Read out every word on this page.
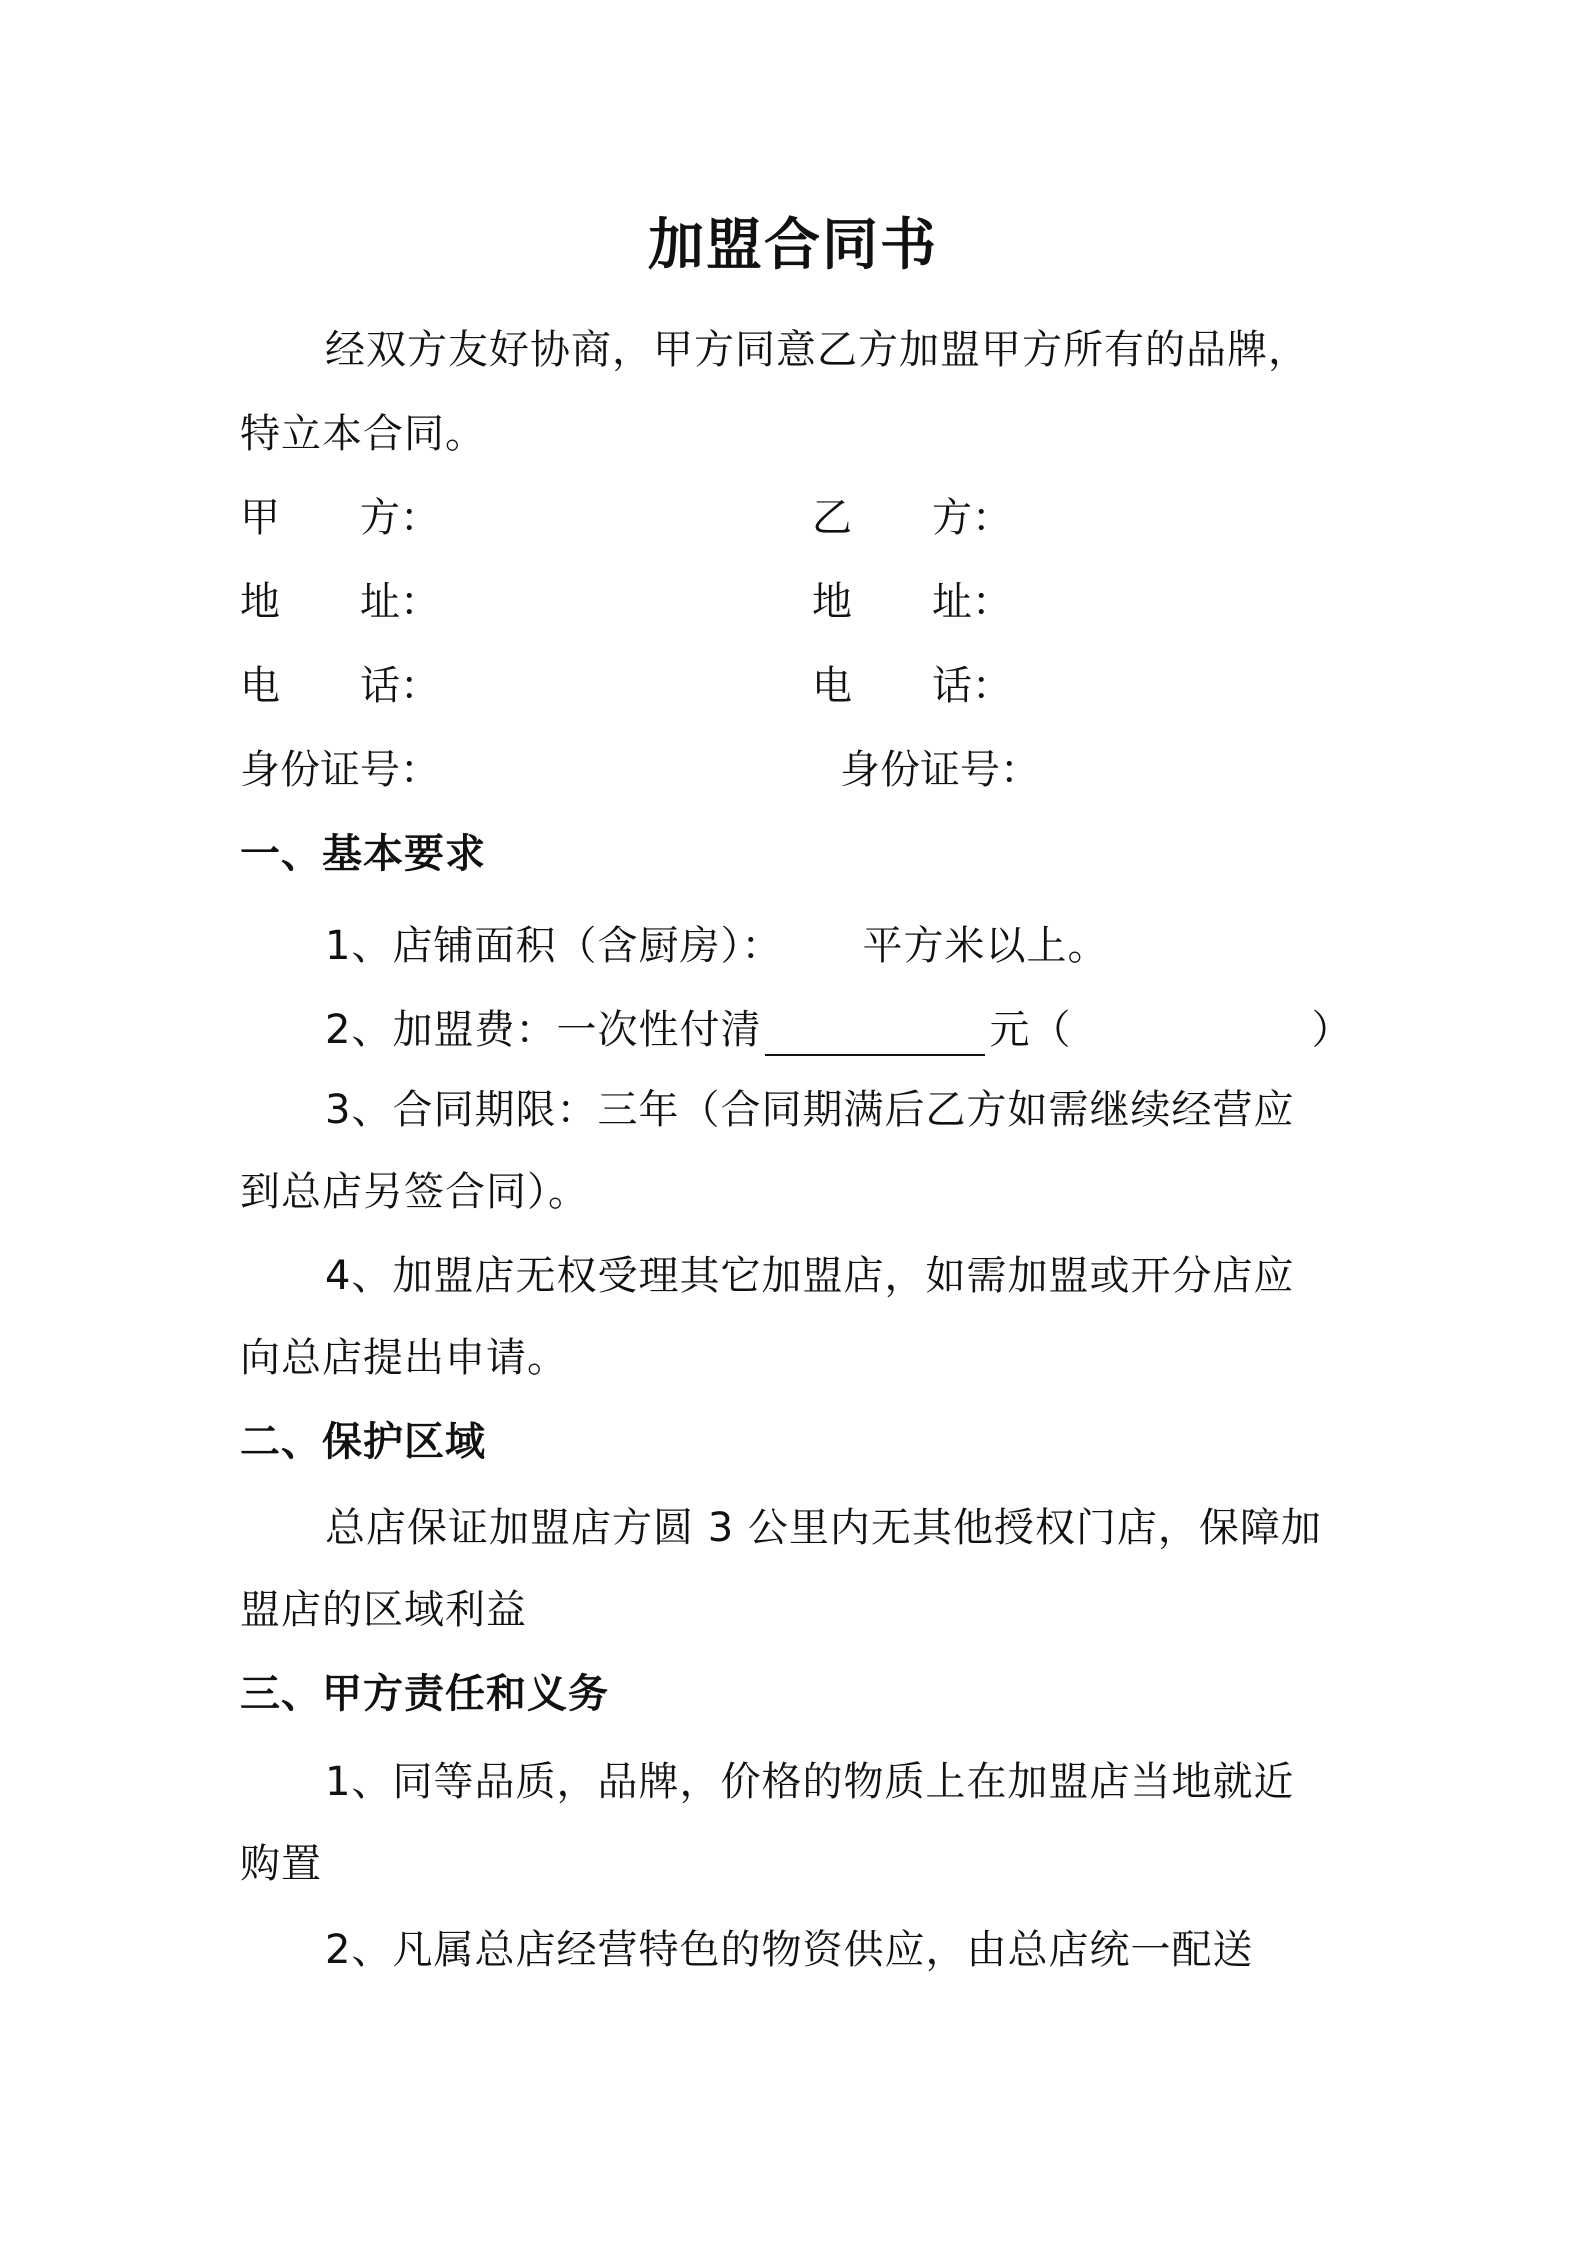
加盟合同书
经双方友好协商，甲方同意乙方加盟甲方所有的品牌，
特立本合同。
甲　　方：	乙　　方：
地　　址：	地　　址：
电　　话：	电　　话：
身份证号：	身份证号：
一、基本要求
1、店铺面积（含厨房）： 平方米以上。
2、加盟费：一次性付清	元（	）
3、合同期限：三年（合同期满后乙方如需继续经营应
到总店另签合同）。
4、加盟店无权受理其它加盟店，如需加盟或开分店应
向总店提出申请。
二、保护区域
总店保证加盟店方圆 3 公里内无其他授权门店，保障加
盟店的区域利益
三、甲方责任和义务
1、同等品质，品牌，价格的物质上在加盟店当地就近
购置
2、凡属总店经营特色的物资供应，由总店统一配送
